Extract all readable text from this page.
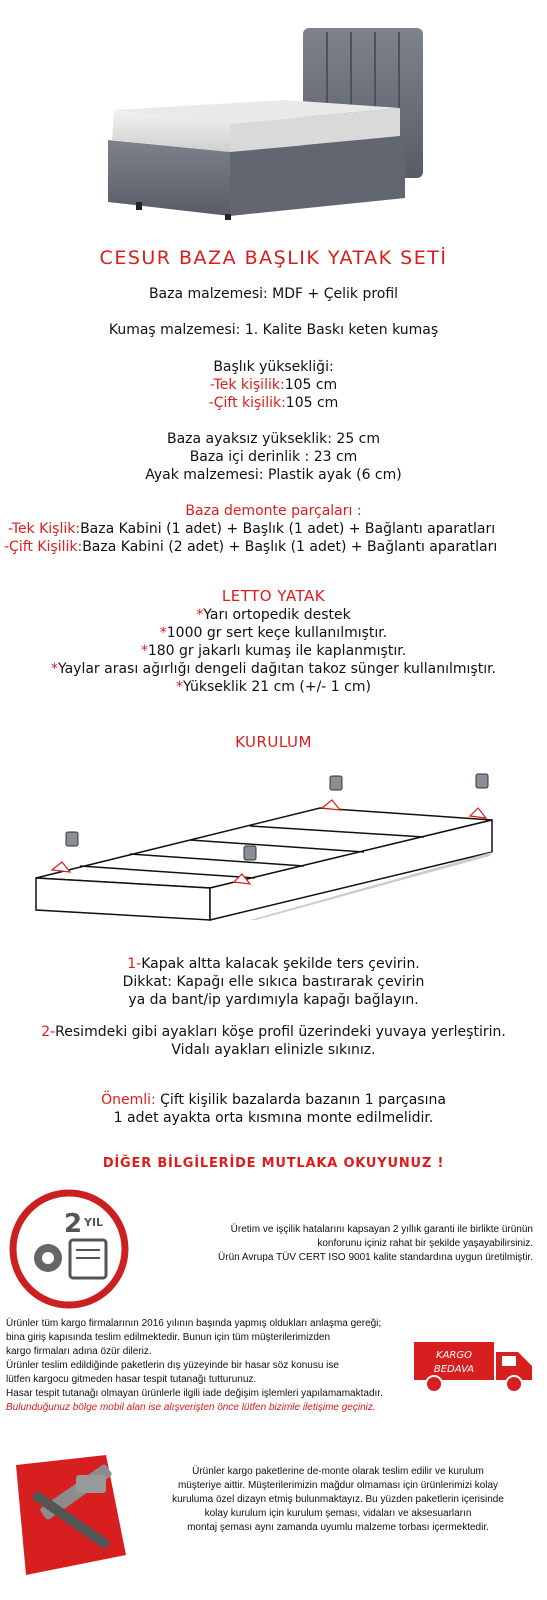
CESUR BAZA BAŞLIK YATAK SETİ
Baza malzemesi: MDF + Çelik profil
Kumaş malzemesi: 1. Kalite Baskı keten kumaş
Başlık yüksekliği:
-Tek kişilik:105 cm
-Çift kişilik:105 cm
Baza ayaksız yükseklik: 25 cm
Baza içi derinlik : 23 cm
Ayak malzemesi: Plastik ayak (6 cm)
Baza demonte parçaları :
-Tek Kişlik:Baza Kabini (1 adet) + Başlık (1 adet) + Bağlantı aparatları
-Çift Kişilik:Baza Kabini (2 adet) + Başlık (1 adet) + Bağlantı aparatları
LETTO YATAK
*Yarı ortopedik destek
*1000 gr sert keçe kullanılmıştır.
*180 gr jakarlı kumaş ile kaplanmıştır.
*Yaylar arası ağırlığı dengeli dağıtan takoz sünger kullanılmıştır.
*Yükseklik 21 cm (+/- 1 cm)
KURULUM
1-Kapak altta kalacak şekilde ters çevirin.
Dikkat: Kapağı elle sıkıca bastırarak çevirin
ya da bant/ip yardımıyla kapağı bağlayın.
2-Resimdeki gibi ayakları köşe profil üzerindeki yuvaya yerleştirin.
Vidalı ayakları elinizle sıkınız.
Önemli: Çift kişilik bazalarda bazanın 1 parçasına
1 adet ayakta orta kısmına monte edilmelidir.
DİĞER BİLGİLERİDE MUTLAKA OKUYUNUZ !
2 YIL
Üretim ve işçilik hatalarını kapsayan 2 yıllık garanti ile birlikte ürünün
konforunu içiniz rahat bir şekilde yaşayabilirsiniz.
Ürün Avrupa TÜV CERT ISO 9001 kalite standardına uygun üretilmiştir.
Ürünler tüm kargo firmalarının 2016 yılının başında yapmış oldukları anlaşma gereği;
bina giriş kapısında teslim edilmektedir. Bunun için tüm müşterilerimizden
kargo firmaları adına özür dileriz.
Ürünler teslim edildiğinde paketlerin dış yüzeyinde bir hasar söz konusu ise
lütfen kargocu gitmeden hasar tespit tutanağı tutturunuz.
Hasar tespit tutanağı olmayan ürünlerle ilgili iade değişim işlemleri yapılamamaktadır.
Bulunduğunuz bölge mobil alan ise alışverişten önce lütfen bizimle iletişime geçiniz.
KARGO
BEDAVA
Ürünler kargo paketlerine de-monte olarak teslim edilir ve kurulum
müşteriye aittir. Müşterilerimizin mağdur olmaması için ürünlerimizi kolay
kuruluma özel dizayn etmiş bulunmaktayız. Bu yüzden paketlerin içerisinde
kolay kurulum için kurulum şeması, vidaları ve aksesuarların
montaj şeması aynı zamanda uyumlu malzeme torbası içermektedir.
